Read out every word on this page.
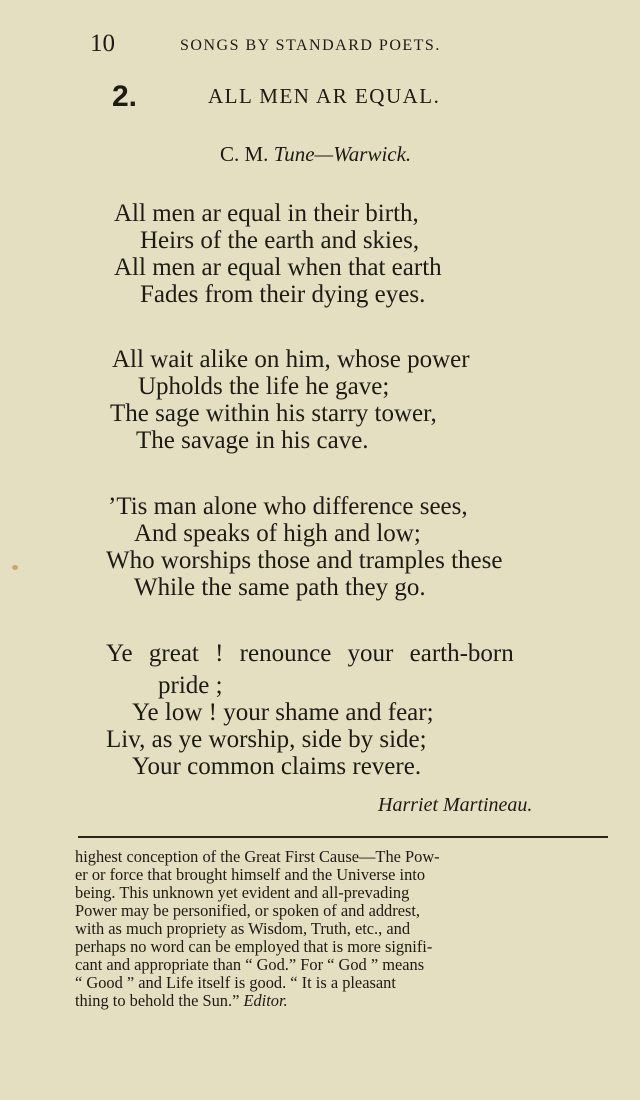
10	SONGS BY STANDARD POETS.
2.	ALL MEN AR EQUAL.
C. M. Tune—Warwick.
All men ar equal in their birth,
Heirs of the earth and skies,
All men ar equal when that earth
Fades from their dying eyes.
All wait alike on him, whose power
Upholds the life he gave;
The sage within his starry tower,
The savage in his cave.
’Tis man alone who difference sees,
And speaks of high and low;
Who worships those and tramples these
While the same path they go.
Ye great ! renounce your earth-born
pride ;
Ye low ! your shame and fear;
Liv, as ye worship, side by side;
Your common claims revere.
Harriet Martineau.
highest conception of the Great First Cause—The Pow-
er or force that brought himself and the Universe into
being. This unknown yet evident and all-prevading
Power may be personified, or spoken of and addrest,
with as much propriety as Wisdom, Truth, etc., and
perhaps no word can be employed that is more signifi-
cant and appropriate than “ God.” For “ God ” means
“ Good ” and Life itself is good. “ It is a pleasant
thing to behold the Sun.” Editor.
